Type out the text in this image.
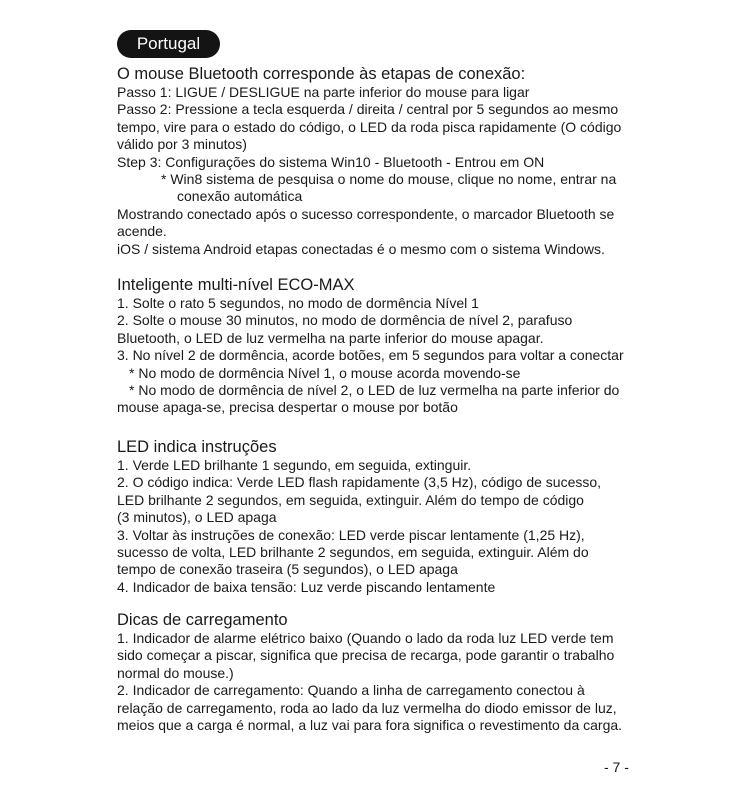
Portugal

O mouse Bluetooth corresponde às etapas de conexão:

Passo 1: LIGUE / DESLIGUE na parte inferior do mouse para ligar

Passo 2: Pressione a tecla esquerda / direita / central por 5 segundos ao mesmo

tempo, vire para o estado do código, o LED da roda pisca rapidamente (O código

válido por 3 minutos)

Step 3: Configurações do sistema Win10 - Bluetooth - Entrou em ON

* Win8 sistema de pesquisa o nome do mouse, clique no nome, entrar na

conexão automática

Mostrando conectado após o sucesso correspondente, o marcador Bluetooth se

acende.

iOS / sistema Android etapas conectadas é o mesmo com o sistema Windows.

Inteligente multi-nível ECO-MAX

1. Solte o rato 5 segundos, no modo de dormência Nível 1

2. Solte o mouse 30 minutos, no modo de dormência de nível 2, parafuso

Bluetooth, o LED de luz vermelha na parte inferior do mouse apagar.

3. No nível 2 de dormência, acorde botões, em 5 segundos para voltar a conectar

* No modo de dormência Nível 1, o mouse acorda movendo-se

* No modo de dormência de nível 2, o LED de luz vermelha na parte inferior do

mouse apaga-se, precisa despertar o mouse por botão

LED indica instruções

1. Verde LED brilhante 1 segundo, em seguida, extinguir.

2. O código indica: Verde LED flash rapidamente (3,5 Hz), código de sucesso,

LED brilhante 2 segundos, em seguida, extinguir. Além do tempo de código

(3 minutos), o LED apaga

3. Voltar às instruções de conexão: LED verde piscar lentamente (1,25 Hz),

sucesso de volta, LED brilhante 2 segundos, em seguida, extinguir. Além do

tempo de conexão traseira (5 segundos), o LED apaga

4. Indicador de baixa tensão: Luz verde piscando lentamente

Dicas de carregamento

1. Indicador de alarme elétrico baixo (Quando o lado da roda luz LED verde tem

sido começar a piscar, significa que precisa de recarga, pode garantir o trabalho

normal do mouse.)

2. Indicador de carregamento: Quando a linha de carregamento conectou à

relação de carregamento, roda ao lado da luz vermelha do diodo emissor de luz,

meios que a carga é normal, a luz vai para fora significa o revestimento da carga.

- 7 -
